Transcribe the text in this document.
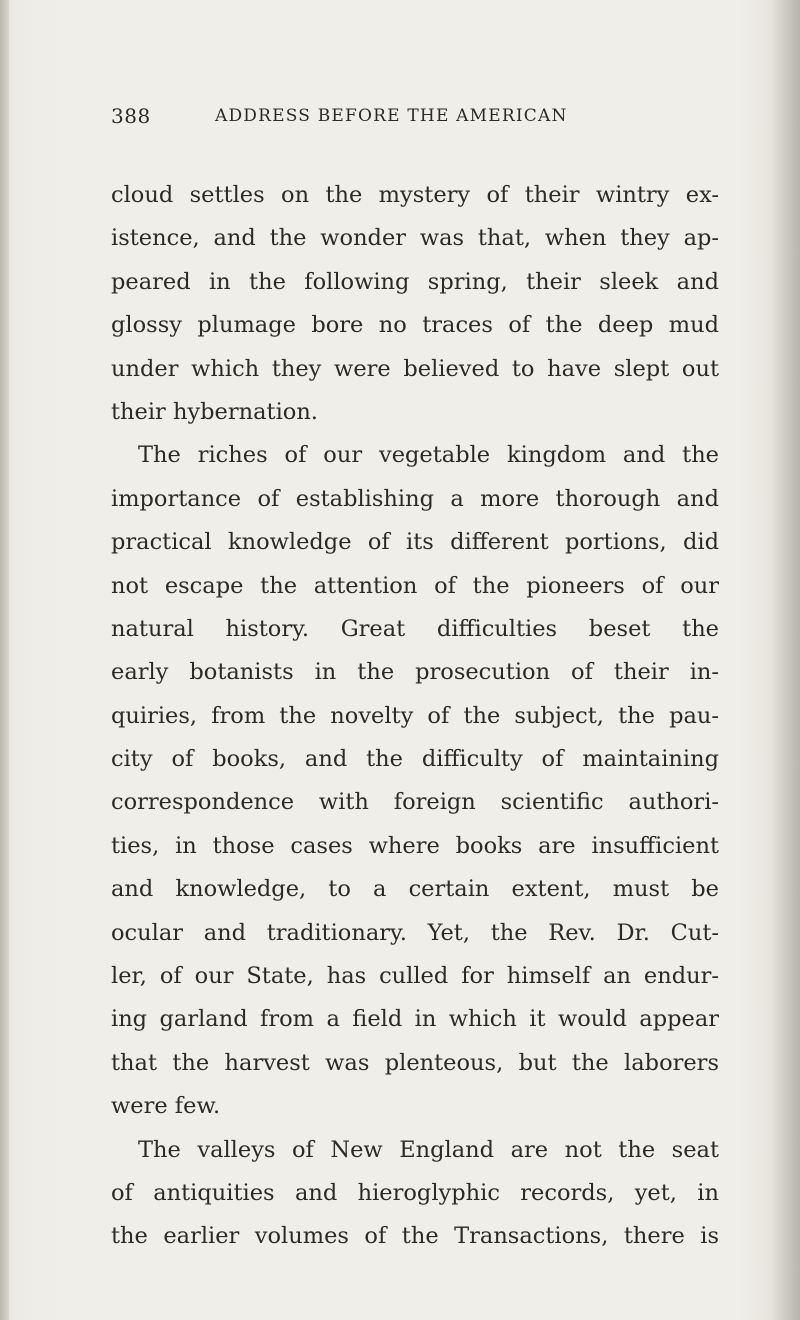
388	ADDRESS BEFORE THE AMERICAN
cloud settles on the mystery of their wintry ex-
istence, and the wonder was that, when they ap-
peared in the following spring, their sleek and
glossy plumage bore no traces of the deep mud
under which they were believed to have slept out
their hybernation.
The riches of our vegetable kingdom and the
importance of establishing a more thorough and
practical knowledge of its different portions, did
not escape the attention of the pioneers of our
natural history. Great difficulties beset the
early botanists in the prosecution of their in-
quiries, from the novelty of the subject, the pau-
city of books, and the difficulty of maintaining
correspondence with foreign scientific authori-
ties, in those cases where books are insufficient
and knowledge, to a certain extent, must be
ocular and traditionary. Yet, the Rev. Dr. Cut-
ler, of our State, has culled for himself an endur-
ing garland from a field in which it would appear
that the harvest was plenteous, but the laborers
were few.
The valleys of New England are not the seat
of antiquities and hieroglyphic records, yet, in
the earlier volumes of the Transactions, there is
